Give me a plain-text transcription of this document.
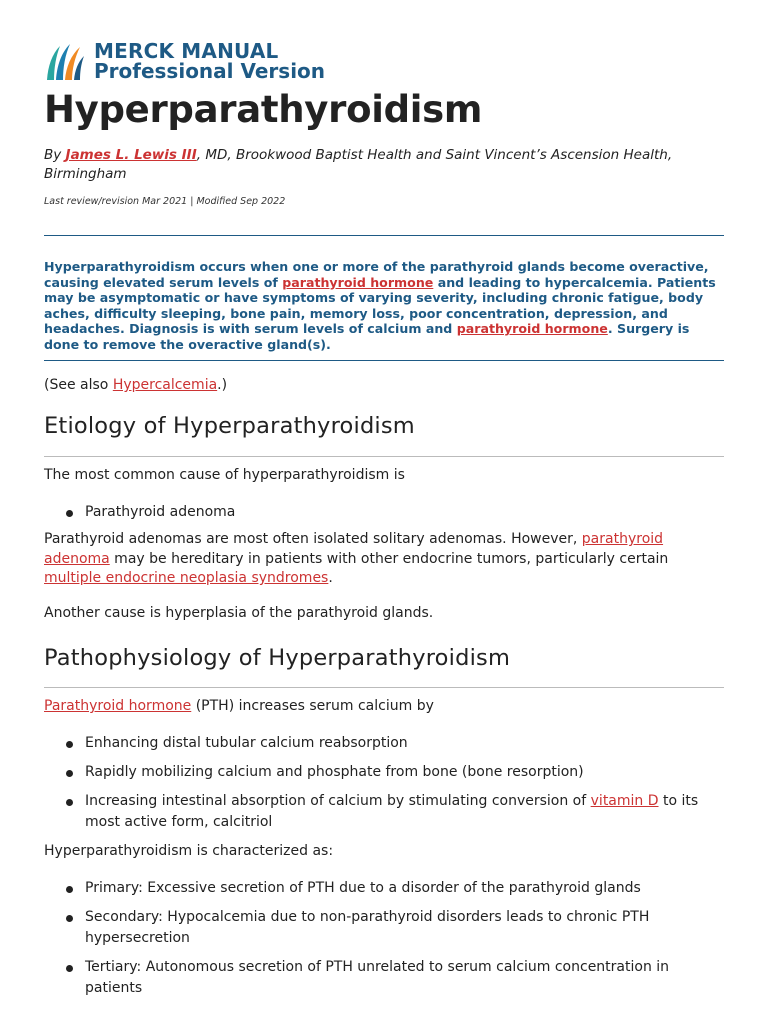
MERCK MANUAL
Professional Version
Hyperparathyroidism
By James L. Lewis III, MD, Brookwood Baptist Health and Saint Vincent’s Ascension Health, Birmingham
Last review/revision Mar 2021 | Modified Sep 2022
Hyperparathyroidism occurs when one or more of the parathyroid glands become overactive, causing elevated serum levels of parathyroid hormone and leading to hypercalcemia. Patients may be asymptomatic or have symptoms of varying severity, including chronic fatigue, body aches, difficulty sleeping, bone pain, memory loss, poor concentration, depression, and headaches. Diagnosis is with serum levels of calcium and parathyroid hormone. Surgery is done to remove the overactive gland(s).
(See also Hypercalcemia.)
Etiology of Hyperparathyroidism
The most common cause of hyperparathyroidism is
Parathyroid adenoma
Parathyroid adenomas are most often isolated solitary adenomas. However, parathyroid adenoma may be hereditary in patients with other endocrine tumors, particularly certain multiple endocrine neoplasia syndromes.
Another cause is hyperplasia of the parathyroid glands.
Pathophysiology of Hyperparathyroidism
Parathyroid hormone (PTH) increases serum calcium by
Enhancing distal tubular calcium reabsorption
Rapidly mobilizing calcium and phosphate from bone (bone resorption)
Increasing intestinal absorption of calcium by stimulating conversion of vitamin D to its most active form, calcitriol
Hyperparathyroidism is characterized as:
Primary: Excessive secretion of PTH due to a disorder of the parathyroid glands
Secondary: Hypocalcemia due to non-parathyroid disorders leads to chronic PTH hypersecretion
Tertiary: Autonomous secretion of PTH unrelated to serum calcium concentration in patients
